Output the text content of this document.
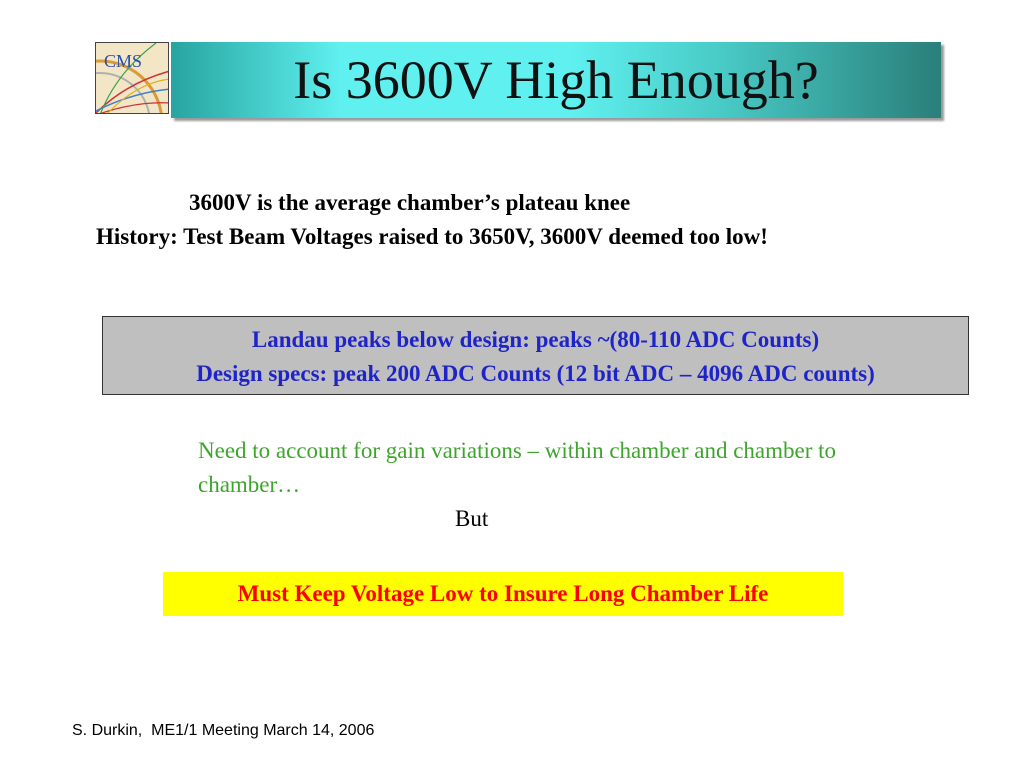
CMS	Is 3600V High Enough?
3600V is the average chamber’s plateau knee
History: Test Beam Voltages raised to 3650V, 3600V deemed too low!
Landau peaks below design: peaks ~(80-110 ADC Counts)
Design specs: peak 200 ADC Counts (12 bit ADC – 4096 ADC counts)
Need to account for gain variations – within chamber and chamber to chamber…
But
Must Keep Voltage Low to Insure Long Chamber Life
S. Durkin,  ME1/1 Meeting March 14, 2006
